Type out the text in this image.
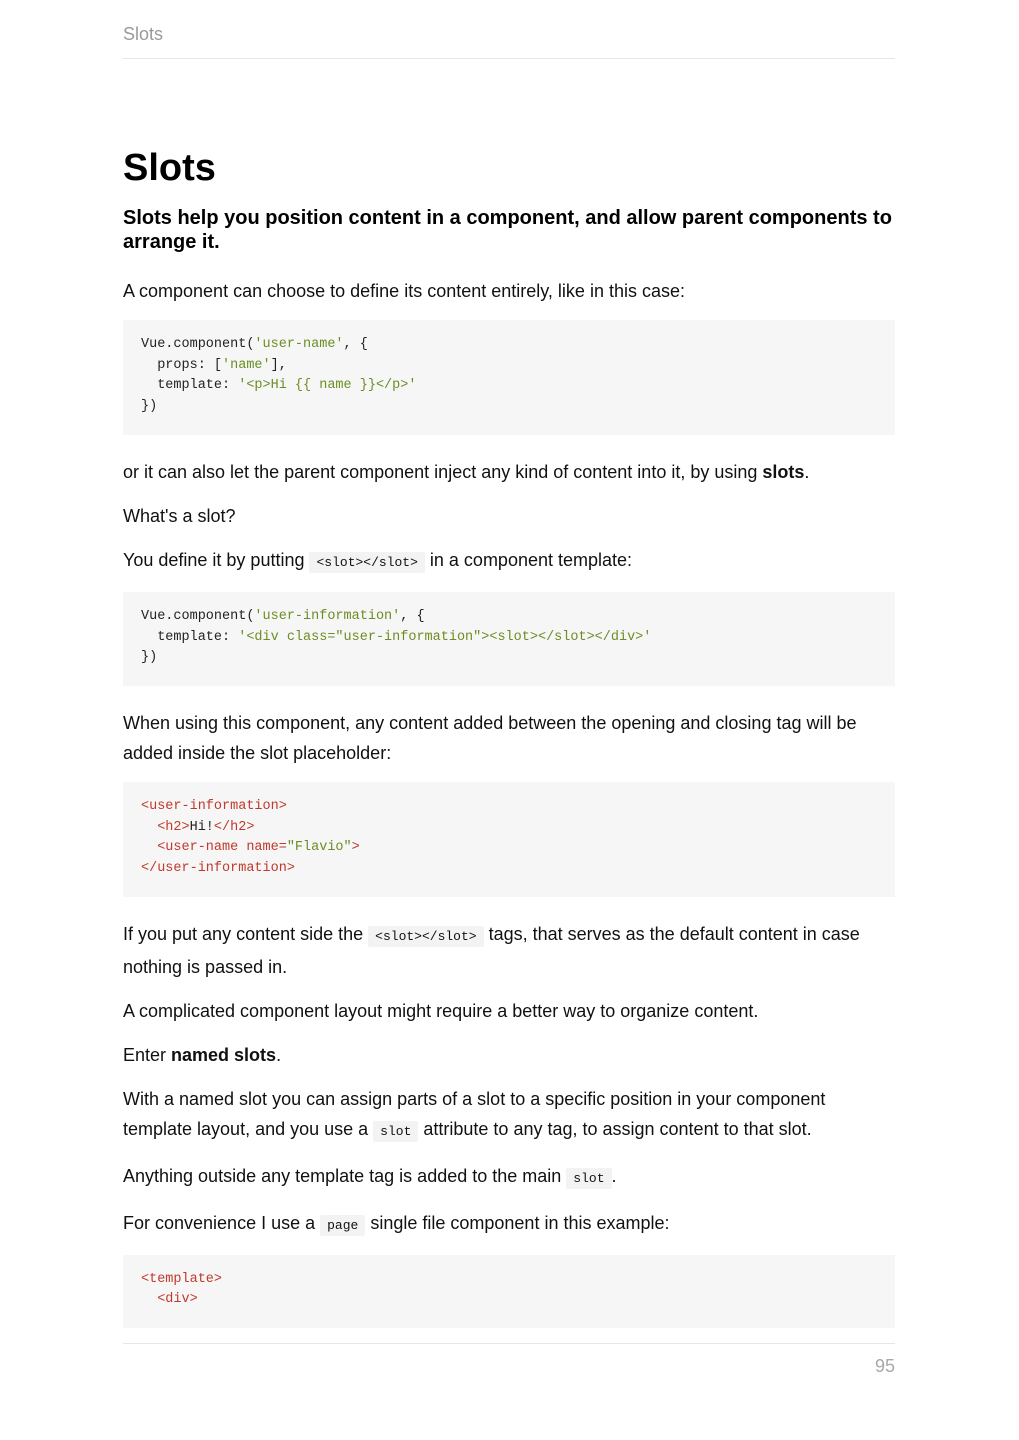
Slots
Slots
Slots help you position content in a component, and allow parent components to arrange it.

A component can choose to define its content entirely, like in this case:

Vue.component('user-name', {
props: ['name'],
template: '<p>Hi {{ name }}</p>'
})

or it can also let the parent component inject any kind of content into it, by using slots.

What's a slot?

You define it by putting <slot></slot> in a component template:

Vue.component('user-information', {
template: '<div class="user-information"><slot></slot></div>'
})

When using this component, any content added between the opening and closing tag will be added inside the slot placeholder:

<user-information>
<h2>Hi!</h2>
<user-name name="Flavio">
</user-information>

If you put any content side the <slot></slot> tags, that serves as the default content in case nothing is passed in.

A complicated component layout might require a better way to organize content.

Enter named slots.

With a named slot you can assign parts of a slot to a specific position in your component template layout, and you use a slot attribute to any tag, to assign content to that slot.

Anything outside any template tag is added to the main slot .

For convenience I use a page single file component in this example:

<template>
<div>
95
